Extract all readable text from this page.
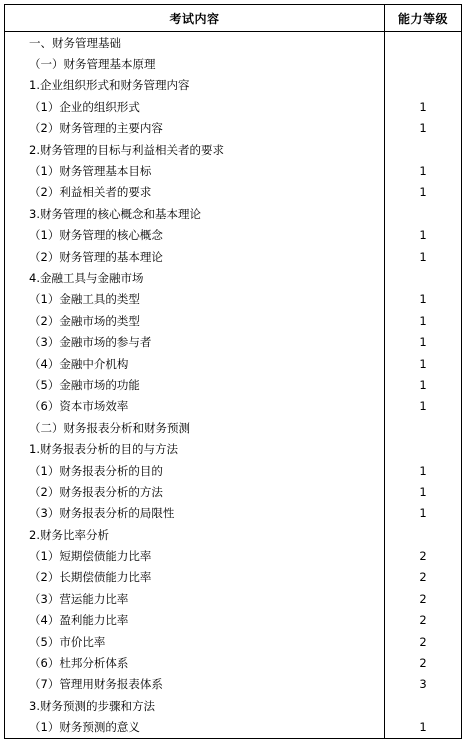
考试内容	能力等级
一、财务管理基础	
（一）财务管理基本原理	
1.企业组织形式和财务管理内容	
（1）企业的组织形式	1
（2）财务管理的主要内容	1
2.财务管理的目标与利益相关者的要求	
（1）财务管理基本目标	1
（2）利益相关者的要求	1
3.财务管理的核心概念和基本理论	
（1）财务管理的核心概念	1
（2）财务管理的基本理论	1
4.金融工具与金融市场	
（1）金融工具的类型	1
（2）金融市场的类型	1
（3）金融市场的参与者	1
（4）金融中介机构	1
（5）金融市场的功能	1
（6）资本市场效率	1
（二）财务报表分析和财务预测	
1.财务报表分析的目的与方法	
（1）财务报表分析的目的	1
（2）财务报表分析的方法	1
（3）财务报表分析的局限性	1
2.财务比率分析	
（1）短期偿债能力比率	2
（2）长期偿债能力比率	2
（3）营运能力比率	2
（4）盈利能力比率	2
（5）市价比率	2
（6）杜邦分析体系	2
（7）管理用财务报表体系	3
3.财务预测的步骤和方法	
（1）财务预测的意义	1
